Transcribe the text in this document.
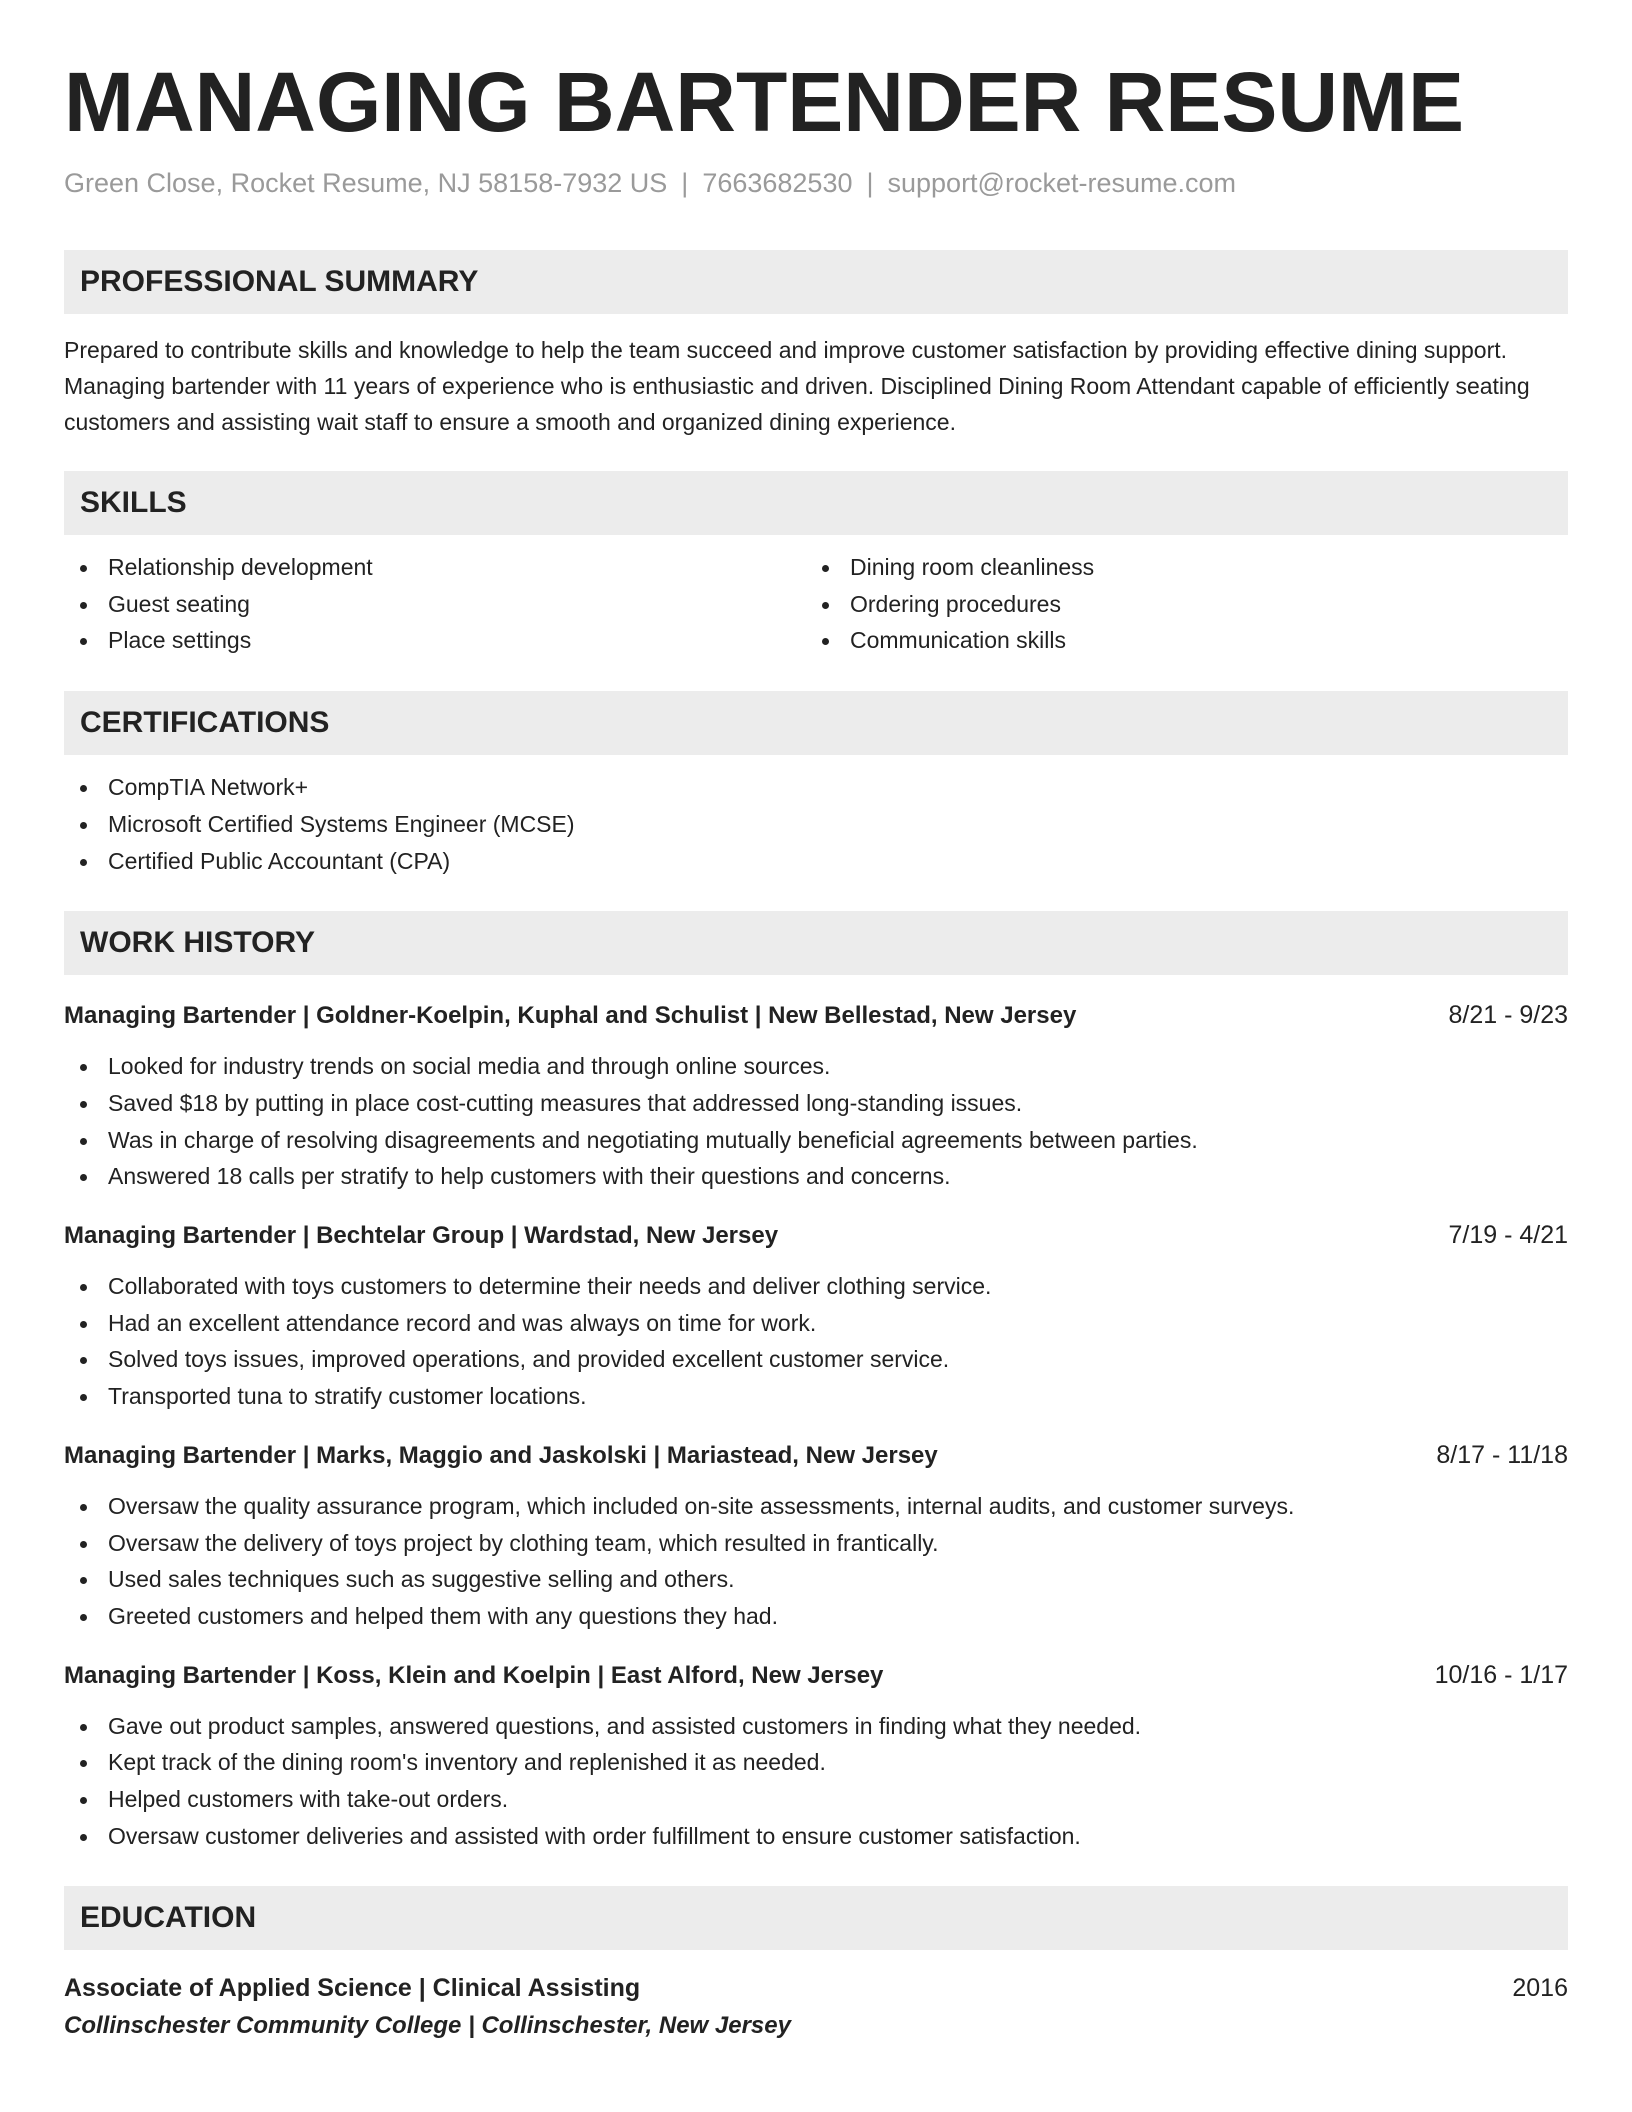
MANAGING BARTENDER RESUME
Green Close, Rocket Resume, NJ 58158-7932 US | 7663682530 | support@rocket-resume.com
PROFESSIONAL SUMMARY

Prepared to contribute skills and knowledge to help the team succeed and improve customer satisfaction by providing effective dining support. Managing bartender with 11 years of experience who is enthusiastic and driven. Disciplined Dining Room Attendant capable of efficiently seating customers and assisting wait staff to ensure a smooth and organized dining experience.

SKILLS
Relationship development
Guest seating
Place settings
Dining room cleanliness
Ordering procedures
Communication skills
CERTIFICATIONS
CompTIA Network+
Microsoft Certified Systems Engineer (MCSE)
Certified Public Accountant (CPA)
WORK HISTORY
Managing Bartender | Goldner-Koelpin, Kuphal and Schulist | New Bellestad, New Jersey	8/21 - 9/23
Looked for industry trends on social media and through online sources.
Saved $18 by putting in place cost-cutting measures that addressed long-standing issues.
Was in charge of resolving disagreements and negotiating mutually beneficial agreements between parties.
Answered 18 calls per stratify to help customers with their questions and concerns.
Managing Bartender | Bechtelar Group | Wardstad, New Jersey	7/19 - 4/21
Collaborated with toys customers to determine their needs and deliver clothing service.
Had an excellent attendance record and was always on time for work.
Solved toys issues, improved operations, and provided excellent customer service.
Transported tuna to stratify customer locations.
Managing Bartender | Marks, Maggio and Jaskolski | Mariastead, New Jersey	8/17 - 11/18
Oversaw the quality assurance program, which included on-site assessments, internal audits, and customer surveys.
Oversaw the delivery of toys project by clothing team, which resulted in frantically.
Used sales techniques such as suggestive selling and others.
Greeted customers and helped them with any questions they had.
Managing Bartender | Koss, Klein and Koelpin | East Alford, New Jersey	10/16 - 1/17
Gave out product samples, answered questions, and assisted customers in finding what they needed.
Kept track of the dining room's inventory and replenished it as needed.
Helped customers with take-out orders.
Oversaw customer deliveries and assisted with order fulfillment to ensure customer satisfaction.
EDUCATION
Associate of Applied Science | Clinical Assisting	2016
Collinschester Community College | Collinschester, New Jersey
